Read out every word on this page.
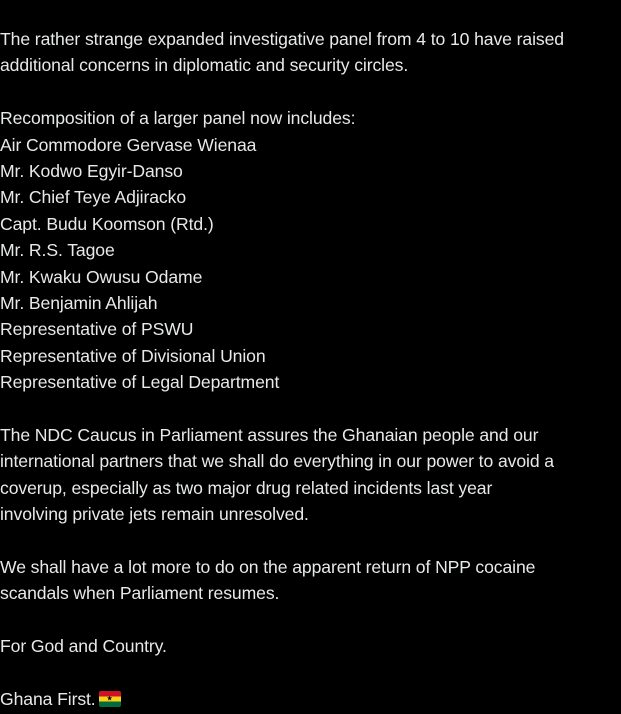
The rather strange expanded investigative panel from 4 to 10 have raised
additional concerns in diplomatic and security circles.

Recomposition of a larger panel now includes:
Air Commodore Gervase Wienaa
Mr. Kodwo Egyir-Danso
Mr. Chief Teye Adjiracko
Capt. Budu Koomson (Rtd.)
Mr. R.S. Tagoe
Mr. Kwaku Owusu Odame
Mr. Benjamin Ahlijah
Representative of PSWU
Representative of Divisional Union
Representative of Legal Department

The NDC Caucus in Parliament assures the Ghanaian people and our
international partners that we shall do everything in our power to avoid a
coverup, especially as two major drug related incidents last year
involving private jets remain unresolved.

We shall have a lot more to do on the apparent return of NPP cocaine
scandals when Parliament resumes.

For God and Country.

Ghana First.	★
